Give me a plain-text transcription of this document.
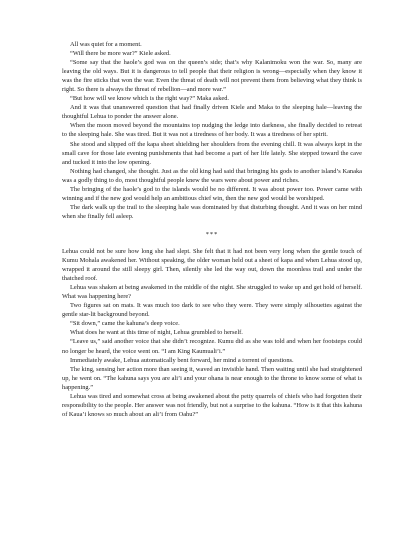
All was quiet for a moment.

“Will there be more war?” Kiele asked.

“Some say that the haole’s god was on the queen’s side; that’s why Kalanimoku won the war. So, many are leaving the old ways. But it is dangerous to tell people that their religion is wrong—especially when they know it was the fire sticks that won the war. Even the threat of death will not prevent them from believing what they think is right. So there is always the threat of rebellion—and more war.”

“But how will we know which is the right way?” Maka asked.

And it was that unanswered question that had finally driven Kiele and Maka to the sleeping hale—leaving the thoughtful Lehua to ponder the answer alone.

When the moon moved beyond the mountains top nudging the ledge into darkness, she finally decided to retreat to the sleeping hale. She was tired. But it was not a tiredness of her body. It was a tiredness of her spirit.

She stood and slipped off the kapa sheet shielding her shoulders from the evening chill. It was always kept in the small cave for those late evening punishments that had become a part of her life lately. She stepped toward the cave and tucked it into the low opening.

Nothing had changed, she thought. Just as the old king had said that bringing his gods to another island’s Kanaka was a godly thing to do, most thoughtful people knew the wars were about power and riches.

The bringing of the haole’s god to the islands would be no different. It was about power too. Power came with winning and if the new god would help an ambitious chief win, then the new god would be worshiped.

The dark walk up the trail to the sleeping hale was dominated by that disturbing thought. And it was on her mind when she finally fell asleep.

***

Lehua could not be sure how long she had slept. She felt that it had not been very long when the gentle touch of Kumu Mohala awakened her. Without speaking, the older woman held out a sheet of kapa and when Lehua stood up, wrapped it around the still sleepy girl. Then, silently she led the way out, down the moonless trail and under the thatched roof.

Lehua was shaken at being awakened in the middle of the night. She struggled to wake up and get hold of herself. What was happening here?

Two figures sat on mats. It was much too dark to see who they were. They were simply silhouettes against the gentle star-lit background beyond.

“Sit down,” came the kahuna’s deep voice.

What does he want at this time of night, Lehua grumbled to herself.

“Leave us,” said another voice that she didn’t recognize. Kumu did as she was told and when her footsteps could no longer be heard, the voice went on. “I am King Kaumuali’i.”

Immediately awake, Lehua automatically bent forward, her mind a torrent of questions.

The king, sensing her action more than seeing it, waved an invisible hand. Then waiting until she had straightened up, he went on. “The kahuna says you are ali’i and your ohana is near enough to the throne to know some of what is happening.”

Lehua was tired and somewhat cross at being awakened about the petty quarrels of chiefs who had forgotten their responsibility to the people. Her answer was not friendly, but not a surprise to the kahuna. “How is it that this kahuna of Kaua’i knows so much about an ali’i from Oahu?”
